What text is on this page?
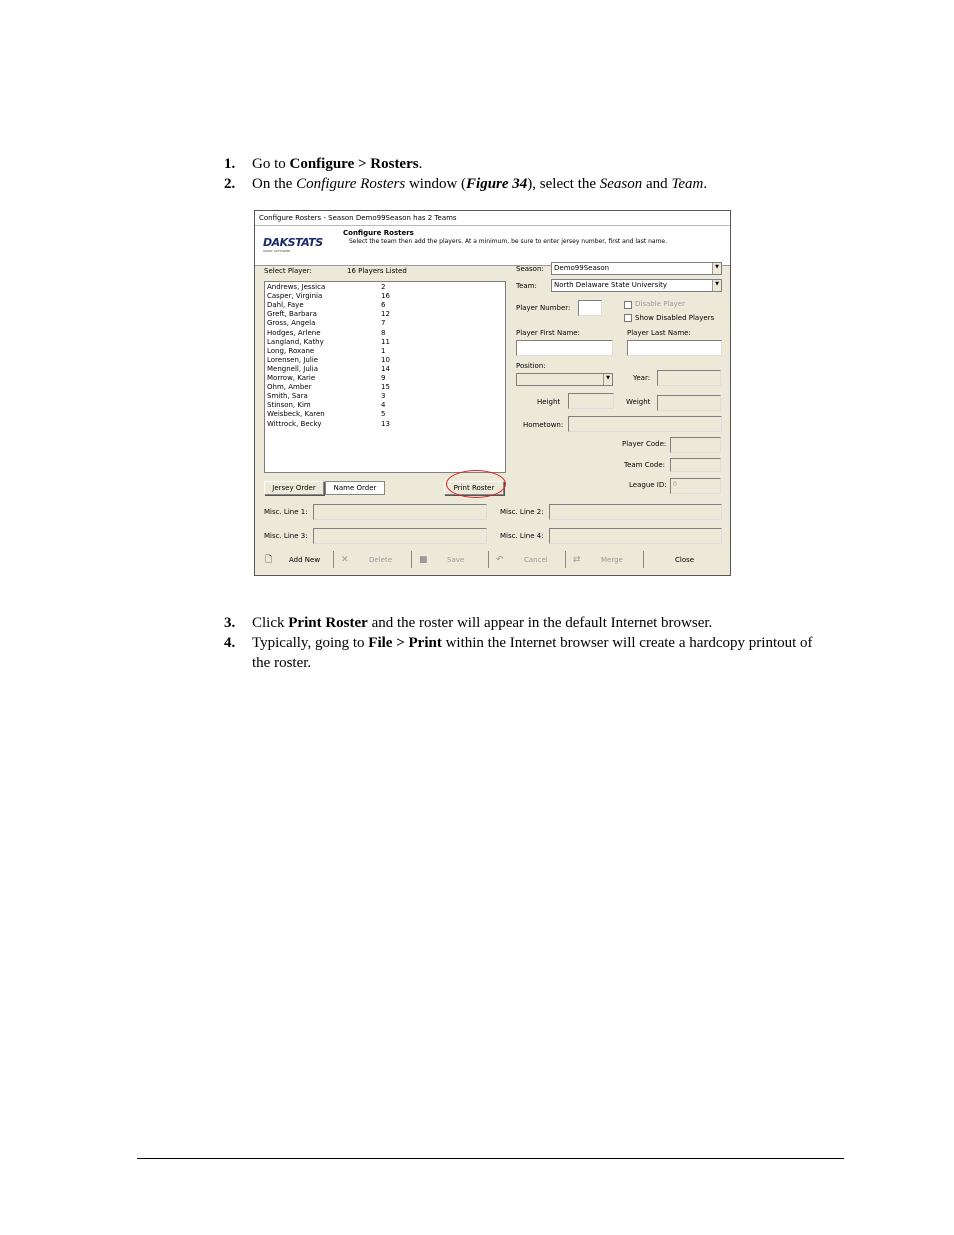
1. Go to Configure > Rosters.
2. On the Configure Rosters window (Figure 34), select the Season and Team.
Configure Rosters - Season Demo99Season has 2 Teams
DAKSTATS
SPORT SOFTWARE
Configure Rosters
Select the team then add the players. At a minimum, be sure to enter jersey number, first and last name.
Select Player:	16 Players Listed
Andrews, Jessica	2
Casper, Virginia	16
Dahl, Faye	6
Greft, Barbara	12
Gross, Angela	7
Hodges, Arlene	8
Langland, Kathy	11
Long, Roxane	1
Lorensen, Julie	10
Mengnell, Julia	14
Morrow, Karie	9
Ohm, Amber	15
Smith, Sara	3
Stinson, Kim	4
Weisbeck, Karen	5
Wittrock, Becky	13
Jersey Order	Name Order	Print Roster
Season: Demo99Season	▼
Team: North Delaware State University	▼
Player Number:	Disable Player
Show Disabled Players
Player First Name:	Player Last Name:
Position:
▼	Year:
Height	Weight
Hometown:
Player Code:
Team Code:
League ID: 0
Misc. Line 1:	Misc. Line 2:
Misc. Line 3:	Misc. Line 4:
🗋 Add New ✕	Delete	■	Save	↶	Cancel	⇄	Merge	Close
3. Click Print Roster and the roster will appear in the default Internet browser.
4. Typically, going to File > Print within the Internet browser will create a hardcopy printout of the roster.
